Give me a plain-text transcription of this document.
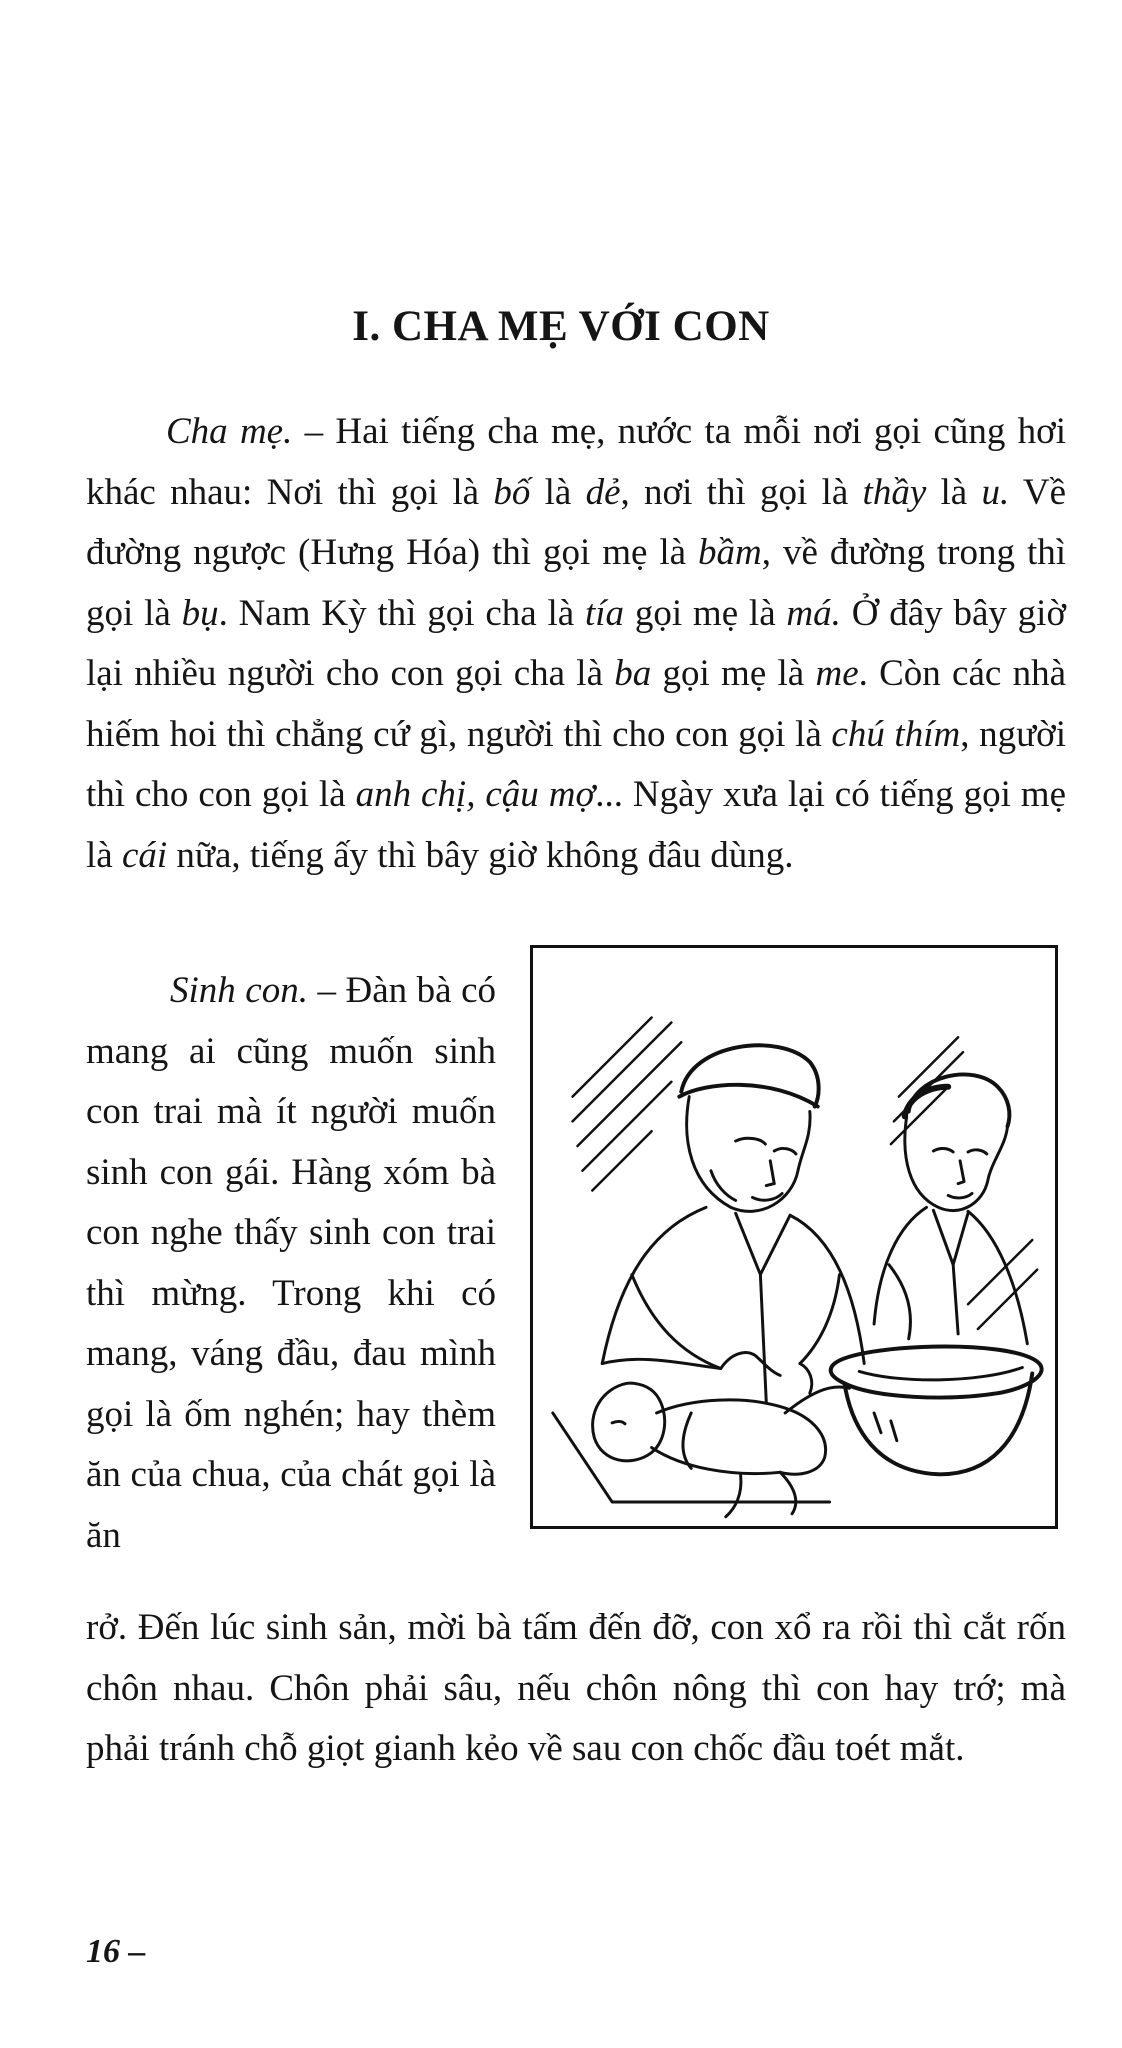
I. CHA MẸ VỚI CON

Cha mẹ. – Hai tiếng cha mẹ, nước ta mỗi nơi gọi cũng hơi khác nhau: Nơi thì gọi là bố là dẻ, nơi thì gọi là thầy là u. Về đường ngược (Hưng Hóa) thì gọi mẹ là bầm, về đường trong thì gọi là bụ. Nam Kỳ thì gọi cha là tía gọi mẹ là má. Ở đây bây giờ lại nhiều người cho con gọi cha là ba gọi mẹ là me. Còn các nhà hiếm hoi thì chẳng cứ gì, người thì cho con gọi là chú thím, người thì cho con gọi là anh chị, cậu mợ... Ngày xưa lại có tiếng gọi mẹ là cái nữa, tiếng ấy thì bây giờ không đâu dùng.

Sinh con. – Đàn bà có mang ai cũng muốn sinh con trai mà ít người muốn sinh con gái. Hàng xóm bà con nghe thấy sinh con trai thì mừng. Trong khi có mang, váng đầu, đau mình gọi là ốm nghén; hay thèm ăn của chua, của chát gọi là ăn

rở. Đến lúc sinh sản, mời bà tấm đến đỡ, con xổ ra rồi thì cắt rốn chôn nhau. Chôn phải sâu, nếu chôn nông thì con hay trớ; mà phải tránh chỗ giọt gianh kẻo về sau con chốc đầu toét mắt.

16 –
